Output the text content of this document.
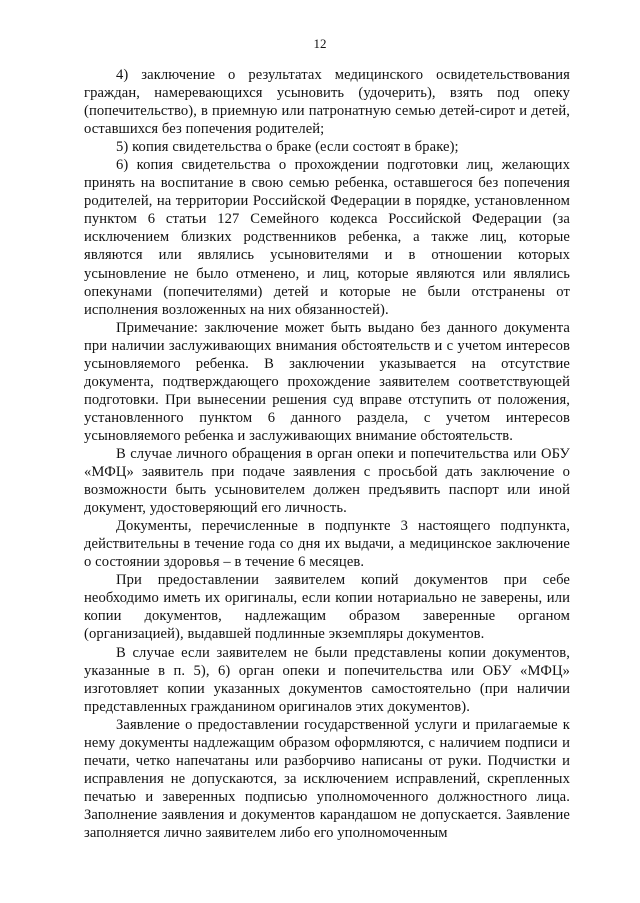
12

4) заключение о результатах медицинского освидетельствования граждан, намеревающихся усыновить (удочерить), взять под опеку (попечительство), в приемную или патронатную семью детей-сирот и детей, оставшихся без попечения родителей;

5) копия свидетельства о браке (если состоят в браке);

6) копия свидетельства о прохождении подготовки лиц, желающих принять на воспитание в свою семью ребенка, оставшегося без попечения родителей, на территории Российской Федерации в порядке, установленном пунктом 6 статьи 127 Семейного кодекса Российской Федерации (за исключением близких родственников ребенка, а также лиц, которые являются или являлись усыновителями и в отношении которых усыновление не было отменено, и лиц, которые являются или являлись опекунами (попечителями) детей и которые не были отстранены от исполнения возложенных на них обязанностей).

Примечание: заключение может быть выдано без данного документа при наличии заслуживающих внимания обстоятельств и с учетом интересов усыновляемого ребенка. В заключении указывается на отсутствие документа, подтверждающего прохождение заявителем соответствующей подготовки. При вынесении решения суд вправе отступить от положения, установленного пунктом 6 данного раздела, с учетом интересов усыновляемого ребенка и заслуживающих внимание обстоятельств.

В случае личного обращения в орган опеки и попечительства или ОБУ «МФЦ» заявитель при подаче заявления с просьбой дать заключение о возможности быть усыновителем должен предъявить паспорт или иной документ, удостоверяющий его личность.

Документы, перечисленные в подпункте 3 настоящего подпункта, действительны в течение года со дня их выдачи, а медицинское заключение о состоянии здоровья – в течение 6 месяцев.

При предоставлении заявителем копий документов при себе необходимо иметь их оригиналы, если копии нотариально не заверены, или копии документов, надлежащим образом заверенные органом (организацией), выдавшей подлинные экземпляры документов.

В случае если заявителем не были представлены копии документов, указанные в п. 5), 6) орган опеки и попечительства или ОБУ «МФЦ» изготовляет копии указанных документов самостоятельно (при наличии представленных гражданином оригиналов этих документов).

Заявление о предоставлении государственной услуги и прилагаемые к нему документы надлежащим образом оформляются, с наличием подписи и печати, четко напечатаны или разборчиво написаны от руки. Подчистки и исправления не допускаются, за исключением исправлений, скрепленных печатью и заверенных подписью уполномоченного должностного лица. Заполнение заявления и документов карандашом не допускается. Заявление заполняется лично заявителем либо его уполномоченным
